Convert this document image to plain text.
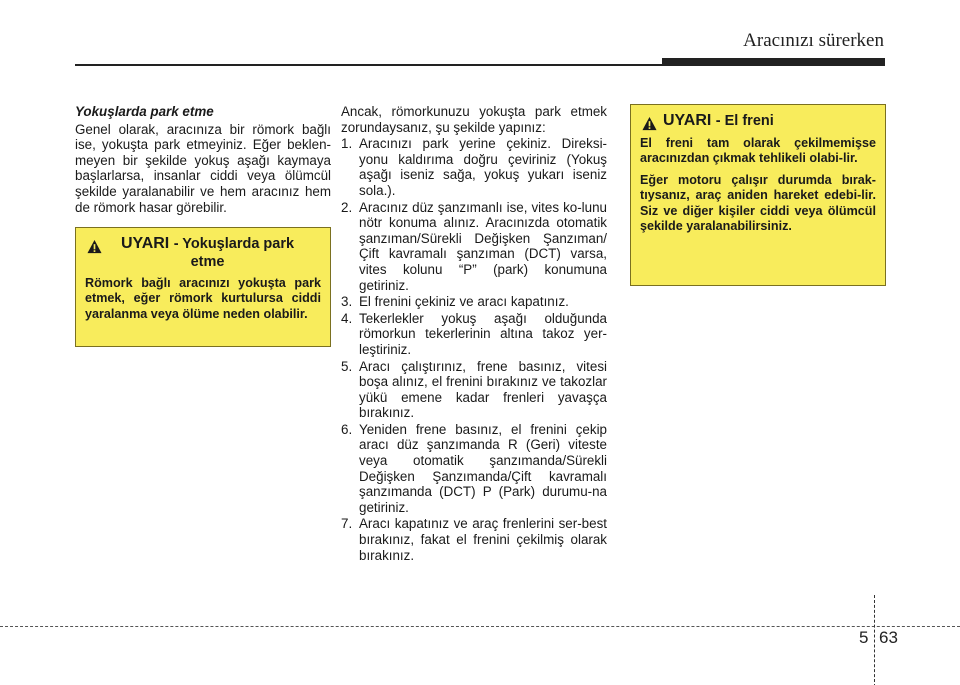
Aracınızı sürerken
Yokuşlarda park etme
Genel olarak, aracınıza bir römork bağlı ise, yokuşta park etmeyiniz. Eğer beklen-meyen bir şekilde yokuş aşağı kaymaya başlarlarsa, insanlar ciddi veya ölümcül şekilde yaralanabilir ve hem aracınız hem de römork hasar görebilir.
UYARI - Yokuşlarda park etme

Römork bağlı aracınızı yokuşta park etmek, eğer römork kurtulursa ciddi yaralanma veya ölüme neden olabilir.

Ancak, römorkunuzu yokuşta park etmek zorundaysanız, şu şekilde yapınız:
1. Aracınızı park yerine çekiniz. Direksi-yonu kaldırıma doğru çeviriniz (Yokuş aşağı iseniz sağa, yokuş yukarı iseniz sola.).
2. Aracınız düz şanzımanlı ise, vites ko-lunu nötr konuma alınız. Aracınızda otomatik şanzıman/Sürekli Değişken Şanzıman/Çift kavramalı şanzıman (DCT) varsa, vites kolunu “P” (park) konumuna getiriniz.
3. El frenini çekiniz ve aracı kapatınız.
4. Tekerlekler yokuş aşağı olduğunda römorkun tekerlerinin altına takoz yer-leştiriniz.
5. Aracı çalıştırınız, frene basınız, vitesi boşa alınız, el frenini bırakınız ve takozlar yükü emene kadar frenleri yavaşça bırakınız.
6. Yeniden frene basınız, el frenini çekip aracı düz şanzımanda R (Geri) viteste veya otomatik şanzımanda/Sürekli Değişken Şanzımanda/Çift kavramalı şanzımanda (DCT) P (Park) durumu-na getiriniz.
7. Aracı kapatınız ve araç frenlerini ser-best bırakınız, fakat el frenini çekilmiş olarak bırakınız.
UYARI - El freni

El freni tam olarak çekilmemişse aracınızdan çıkmak tehlikeli olabi-lir.

Eğer motoru çalışır durumda bırak-tıysanız, araç aniden hareket edebi-lir. Siz ve diğer kişiler ciddi veya ölümcül şekilde yaralanabilirsiniz.

5 63
